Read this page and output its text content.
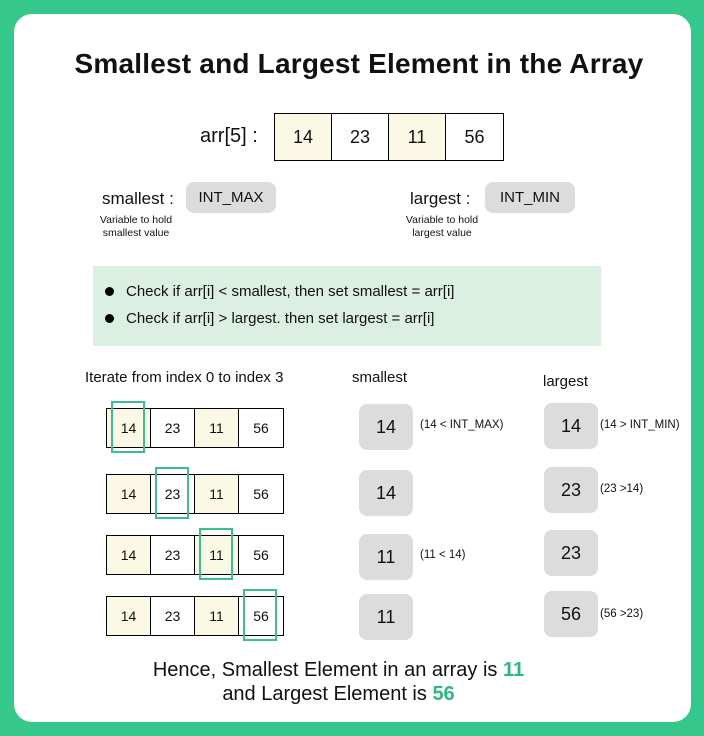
Smallest and Largest Element in the Array
arr[5] :	14	23	11	56
smallest :	INT_MAX
Variable to hold
smallest value
largest :	INT_MIN
Variable to hold
largest value
Check if arr[i] < smallest, then set smallest = arr[i]
Check if arr[i] > largest. then set largest = arr[i]
Iterate from index 0 to index 3	smallest	largest
14	23	11	56	14	(14 < INT_MAX)	14	(14 > INT_MIN)
14	23	11	56	14	23	(23 >14)
14	23	11	56	11	(11 < 14)	23
14	23	11	56	11	56	(56 >23)
Hence, Smallest Element in an array is 11
and Largest Element is 56
